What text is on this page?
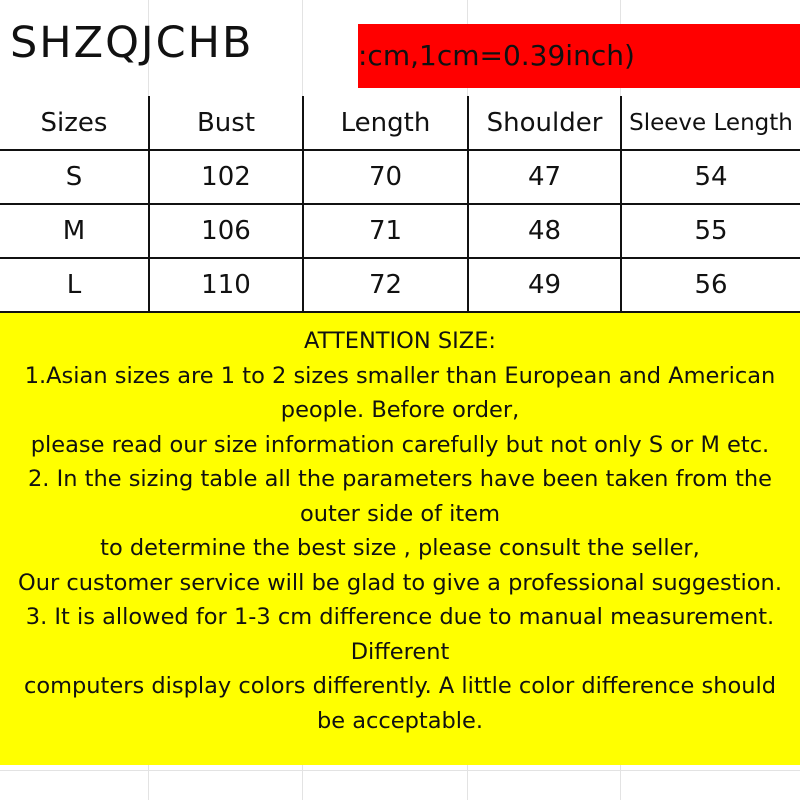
SHZQJCHB	:cm,1cm=0.39inch)
Sizes	Bust	Length	Shoulder	Sleeve Length
S	102	70	47	54
M	106	71	48	55
L	110	72	49	56
ATTENTION SIZE:
1.Asian sizes are 1 to 2 sizes smaller than European and American
people. Before order,
please read our size information carefully but not only S or M etc.
2. In the sizing table all the parameters have been taken from the
outer side of item
to determine the best size , please consult the seller,
Our customer service will be glad to give a professional suggestion.
3. It is allowed for 1-3 cm difference due to manual measurement.
Different
computers display colors differently. A little color difference should
be acceptable.
